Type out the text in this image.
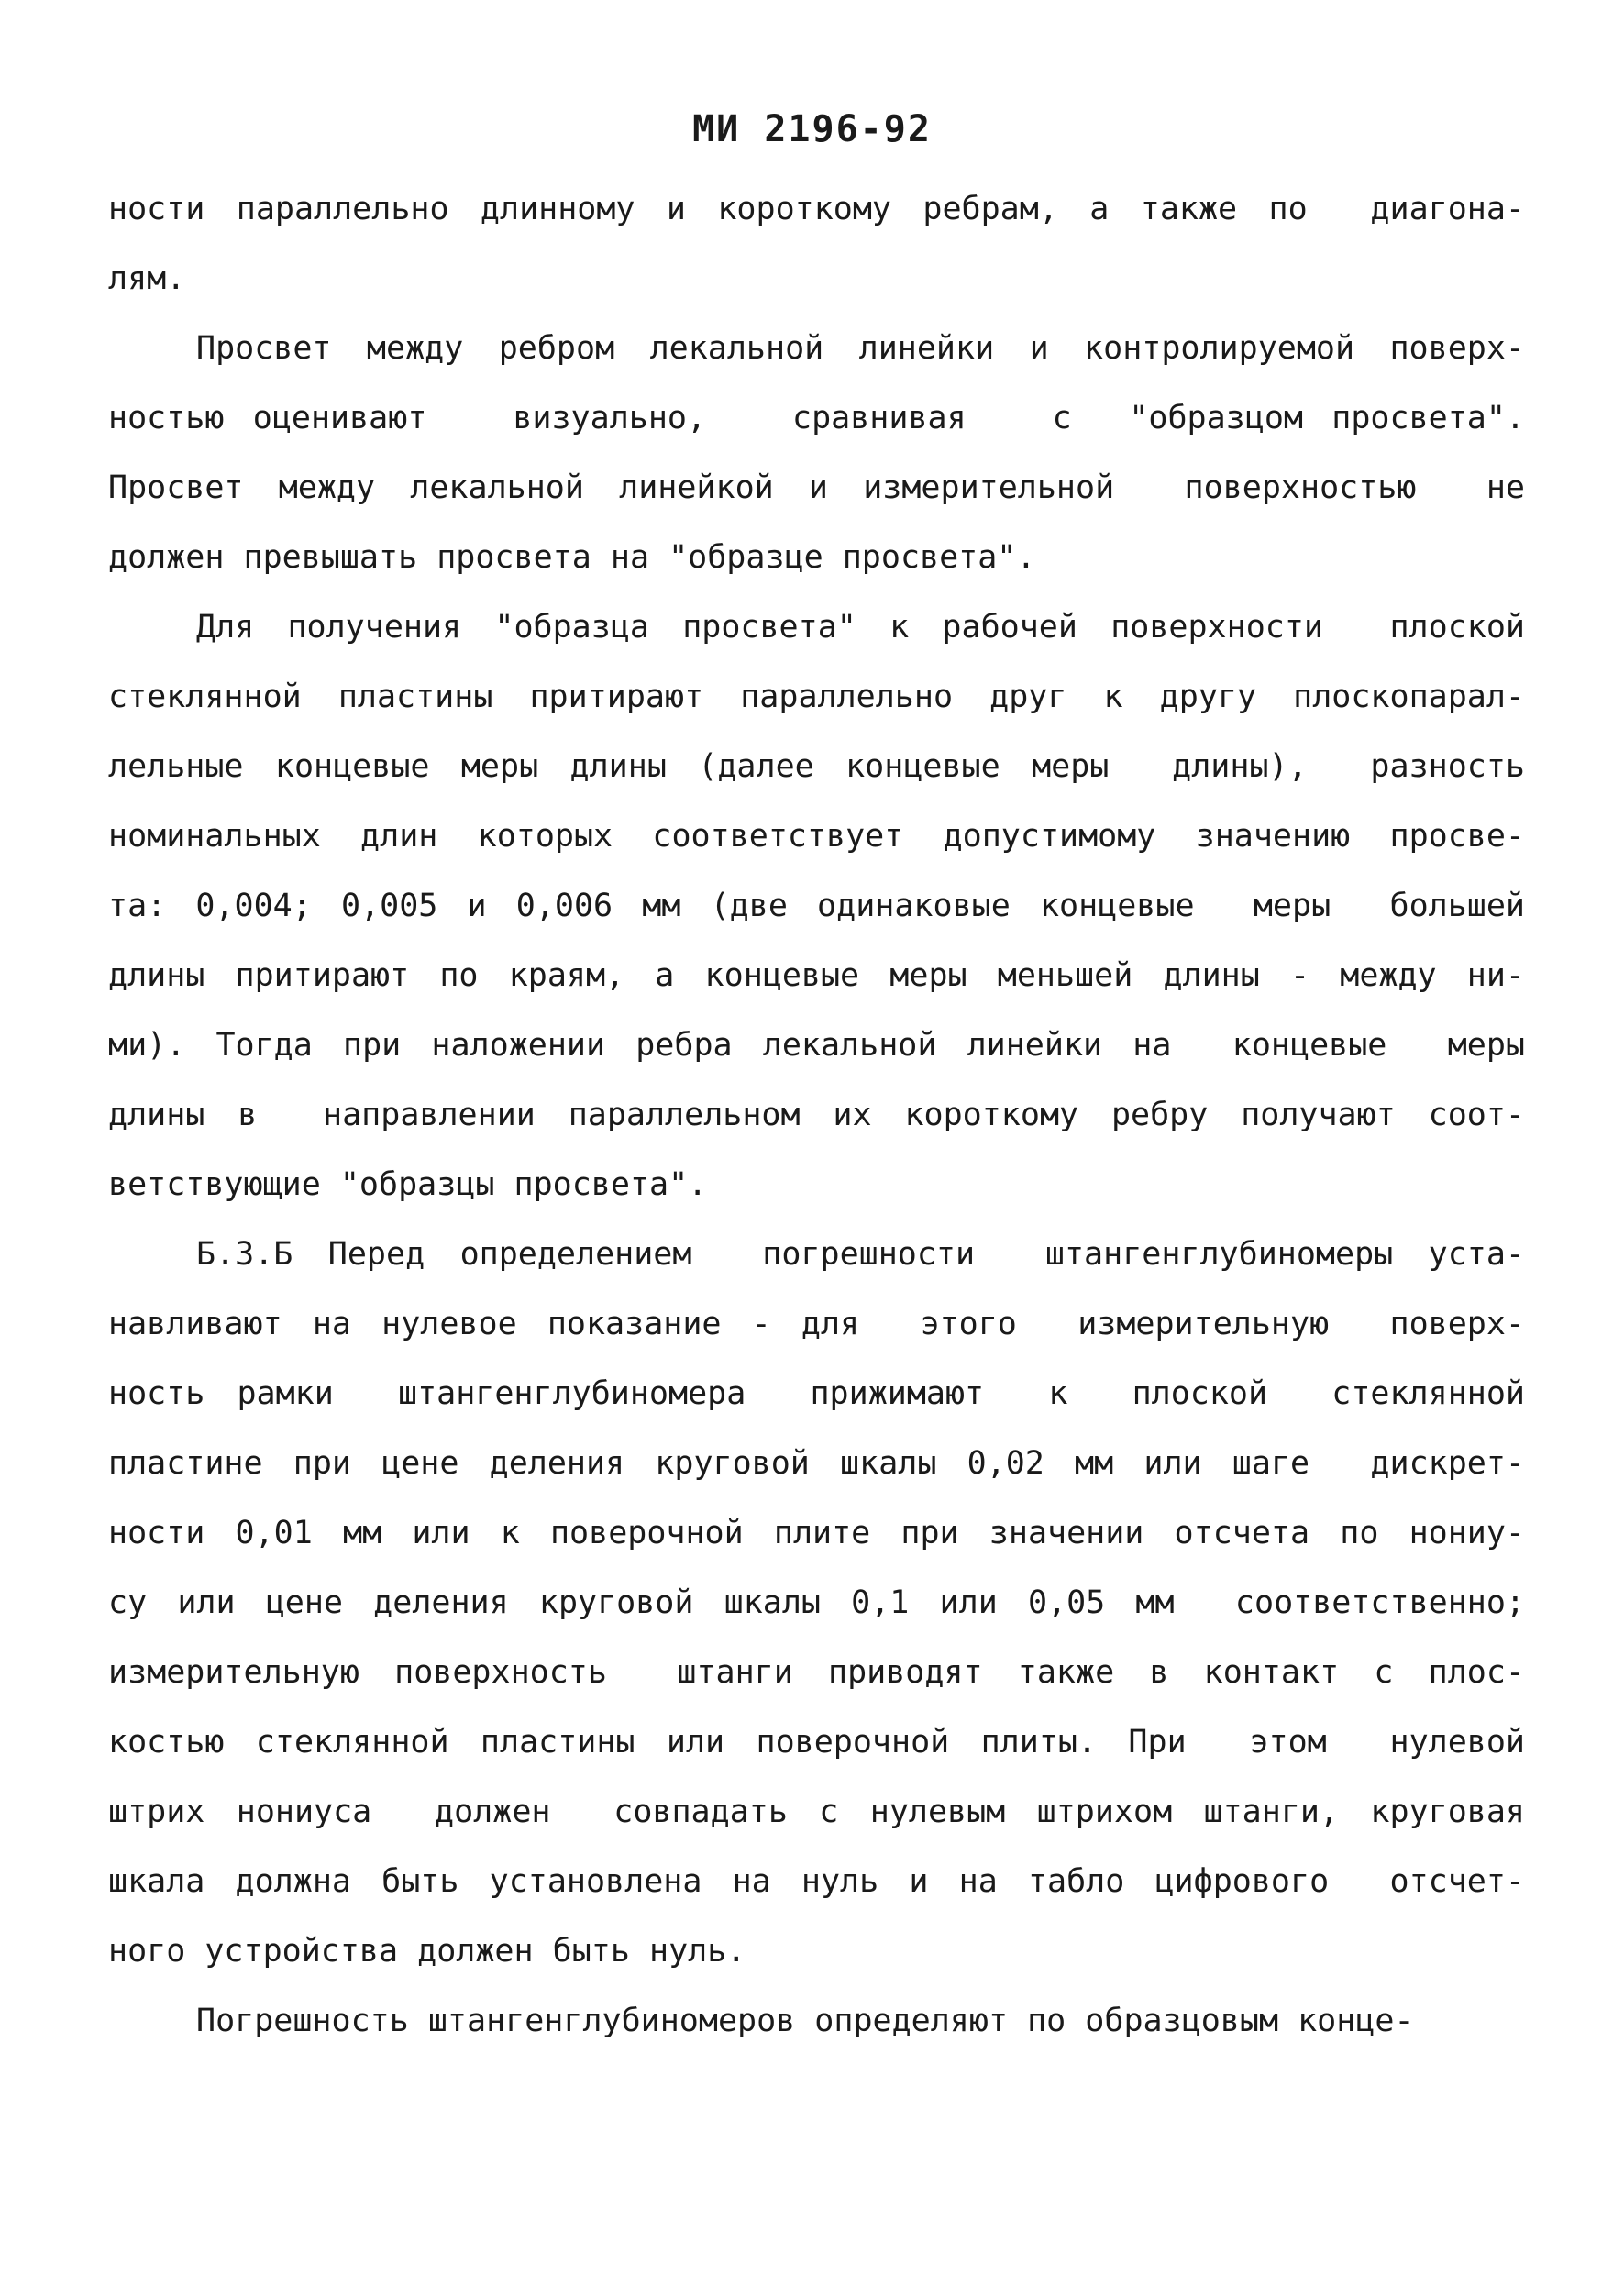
МИ 2196-92
ности параллельно длинному и короткому ребрам, а также по  диагона-
лям.
Просвет между ребром лекальной линейки и контролируемой поверх-
ностью оценивают   визуально,   сравнивая   с  "образцом просвета".
Просвет между лекальной линейкой и измерительной  поверхностью  не
должен превышать просвета на "образце просвета".
Для получения "образца просвета" к рабочей поверхности  плоской
стеклянной пластины притирают параллельно друг к другу плоскопарал-
лельные концевые меры длины (далее концевые меры  длины),  разность
номинальных длин которых соответствует допустимому значению просве-
та: 0,004; 0,005 и 0,006 мм (две одинаковые концевые  меры  большей
длины притирают по краям, а концевые меры меньшей длины - между ни-
ми). Тогда при наложении ребра лекальной линейки на  концевые  меры
длины в  направлении параллельном их короткому ребру получают соот-
ветствующие "образцы просвета".
Б.3.Б Перед определением  погрешности  штангенглубиномеры уста-
навливают на нулевое показание - для  этого  измерительную  поверх-
ность рамки  штангенглубиномера  прижимают  к  плоской  стеклянной
пластине при цене деления круговой шкалы 0,02 мм или шаге  дискрет-
ности 0,01 мм или к поверочной плите при значении отсчета по нониу-
су или цене деления круговой шкалы 0,1 или 0,05 мм  соответственно;
измерительную поверхность  штанги приводят также в контакт с плос-
костью стеклянной пластины или поверочной плиты. При  этом  нулевой
штрих нониуса  должен  совпадать с нулевым штрихом штанги, круговая
шкала должна быть установлена на нуль и на табло цифрового  отсчет-
ного устройства должен быть нуль.
Погрешность штангенглубиномеров определяют по образцовым конце-
